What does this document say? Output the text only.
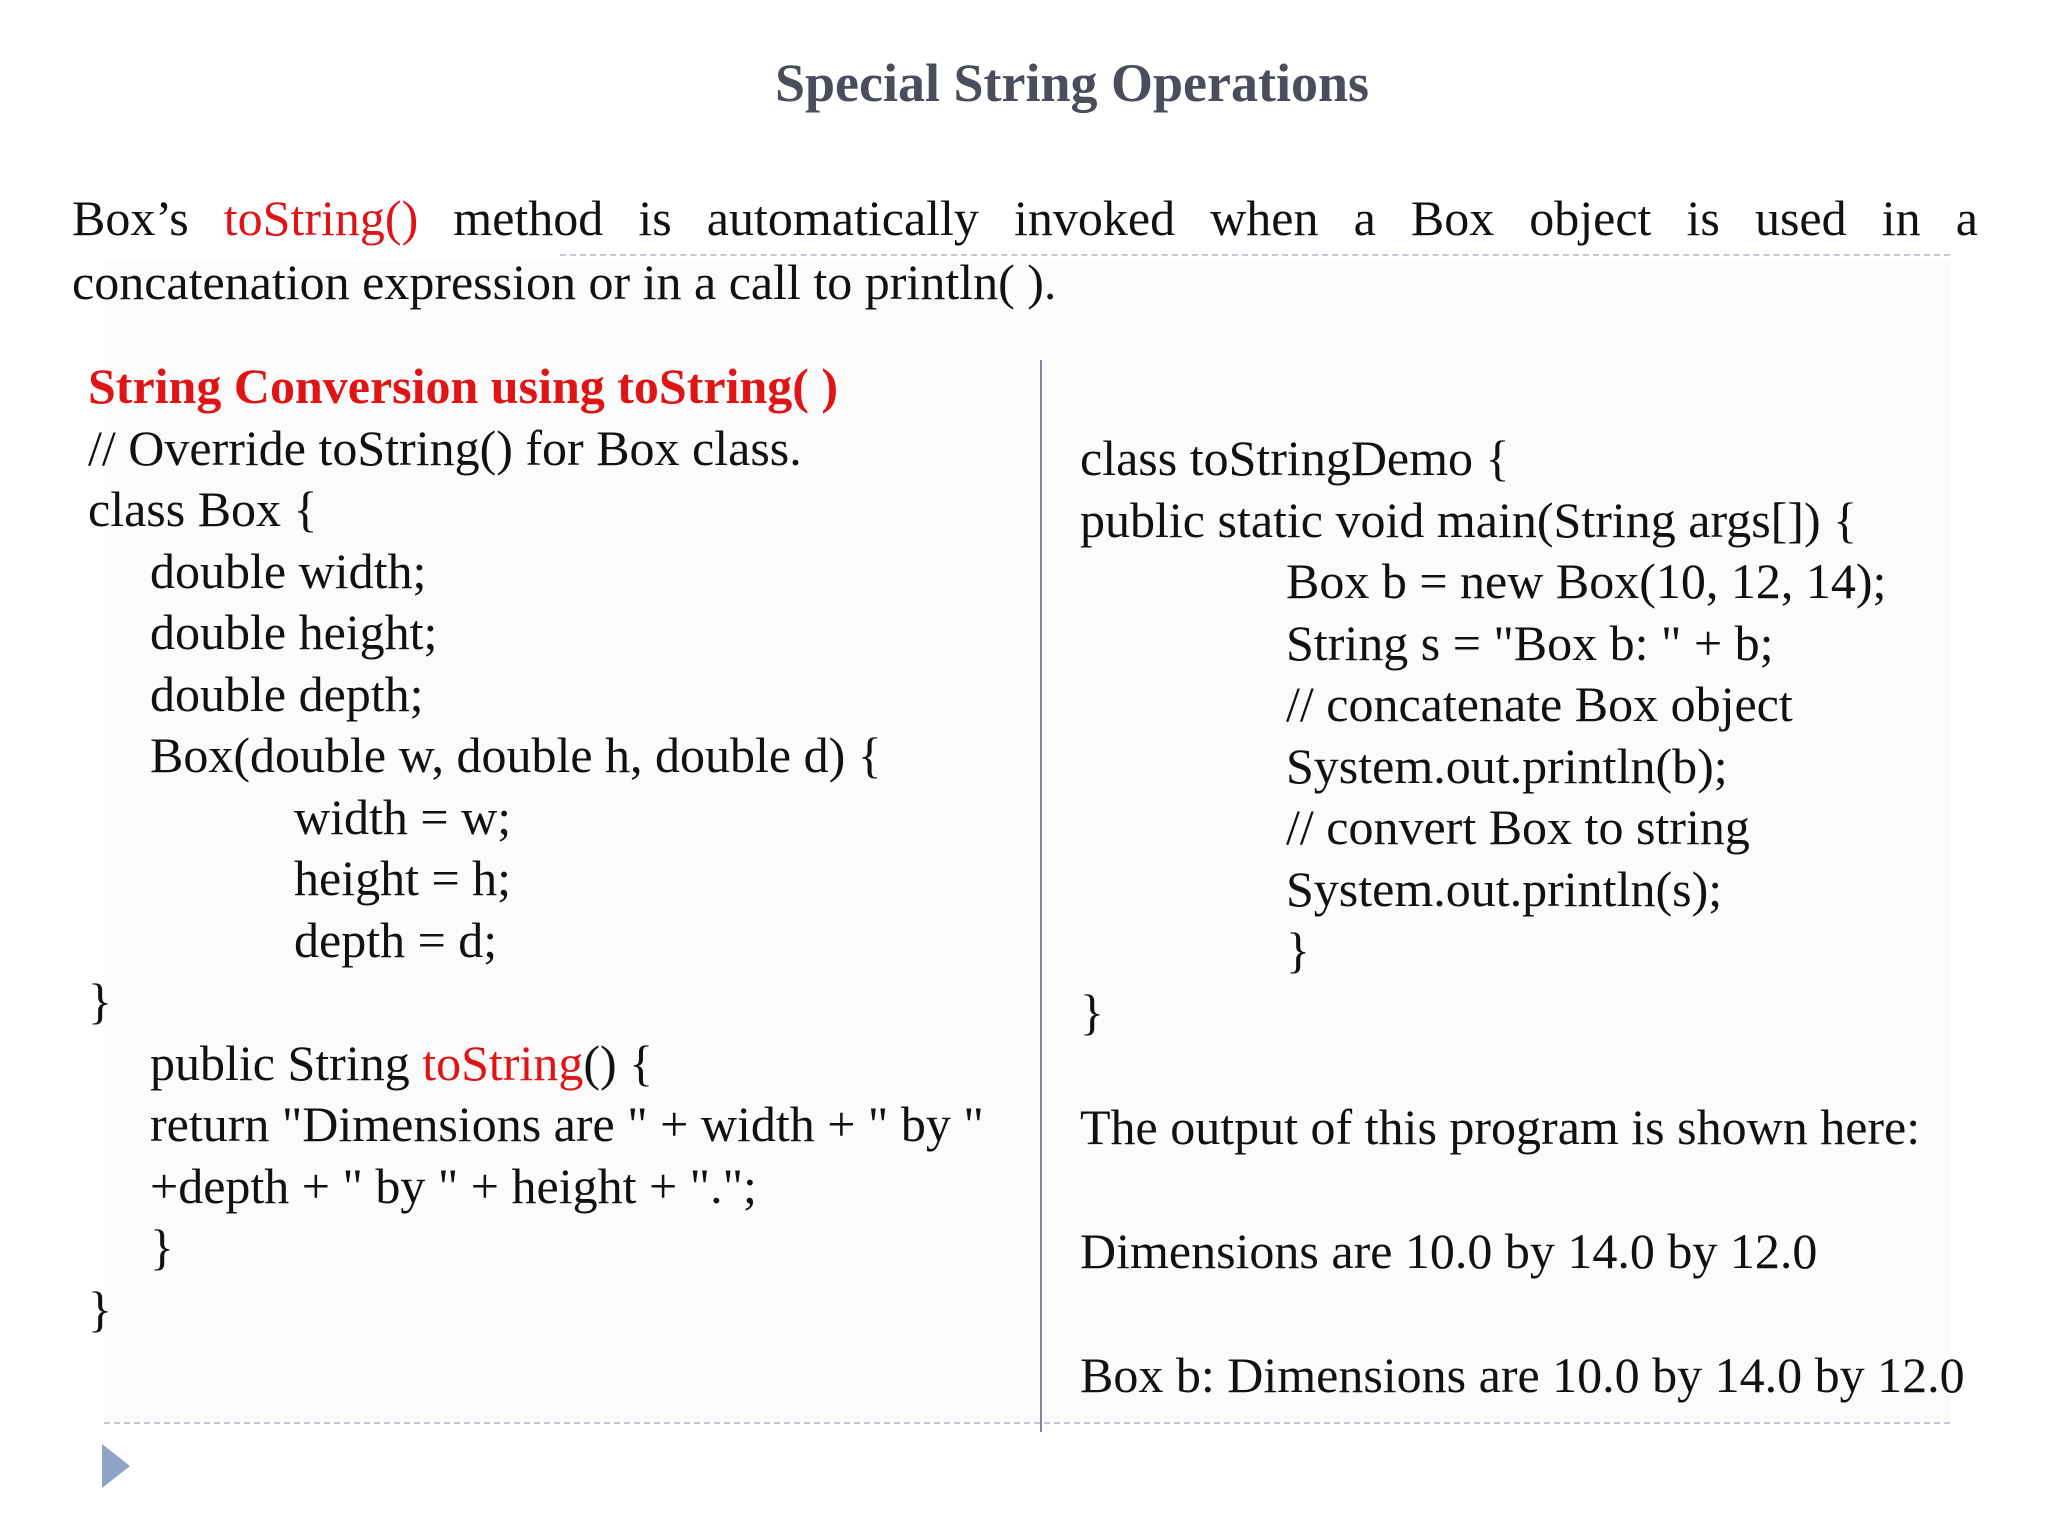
Special String Operations
Box’s toString() method is automatically invoked when a Box object is used in a
concatenation expression or in a call to println( ).
String Conversion using toString( )
// Override toString() for Box class.
class Box {
double width;
double height;
double depth;
Box(double w, double h, double d) {
width = w;
height = h;
depth = d;
}
public String toString() {
return "Dimensions are " + width + " by "
+depth + " by " + height + ".";
}
}
class toStringDemo {
public static void main(String args[]) {
Box b = new Box(10, 12, 14);
String s = "Box b: " + b;
// concatenate Box object
System.out.println(b);
// convert Box to string
System.out.println(s);
}
}
The output of this program is shown here:
Dimensions are 10.0 by 14.0 by 12.0
Box b: Dimensions are 10.0 by 14.0 by 12.0
